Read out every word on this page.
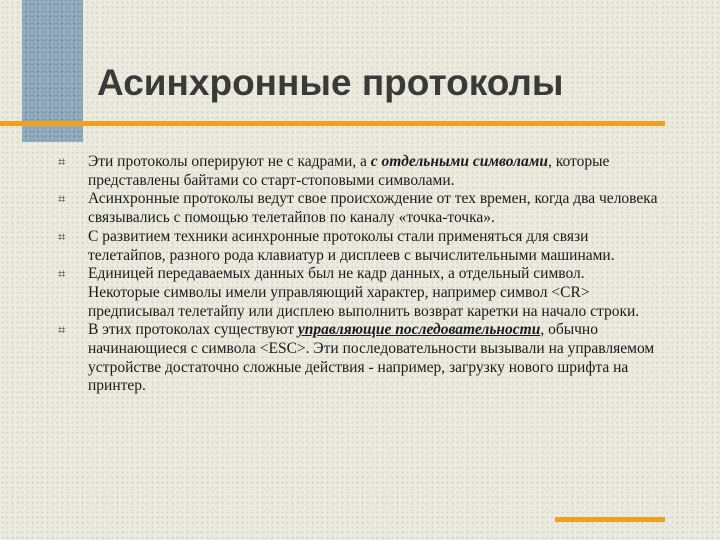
Асинхронные протоколы
⌗ Эти протоколы оперируют не с кадрами, а с отдельными символами, которые представлены байтами со старт-стоповыми символами.
⌗ Асинхронные протоколы ведут свое происхождение от тех времен, когда два человека связывались с помощью телетайпов по каналу «точка-точка».
⌗ С развитием техники асинхронные протоколы стали применяться для связи телетайпов, разного рода клавиатур и дисплеев с вычислительными машинами.
⌗ Единицей передаваемых данных был не кадр данных, а отдельный символ. Некоторые символы имели управляющий характер, например символ <CR> предписывал телетайпу или дисплею выполнить возврат каретки на начало строки.
⌗ В этих протоколах существуют управляющие последовательности, обычно начинающиеся с символа <ESC>. Эти последовательности вызывали на управляемом устройстве достаточно сложные действия - например, загрузку нового шрифта на принтер.
